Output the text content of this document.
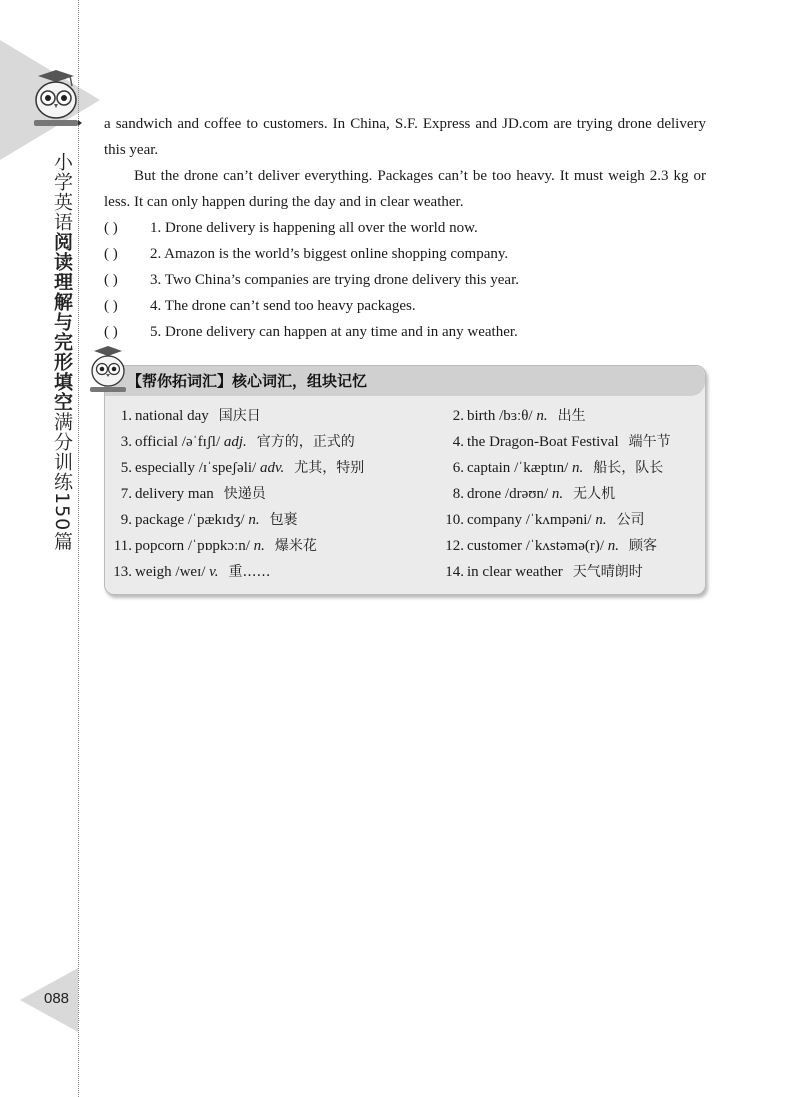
小学英语阅读理解与完形填空满分训练150篇
088
a sandwich and coffee to customers. In China, S.F. Express and JD.com are trying drone delivery this year.
But the drone can’t deliver everything. Packages can’t be too heavy. It must weigh 2.3 kg or less. It can only happen during the day and in clear weather.
( ) 1. Drone delivery is happening all over the world now.
( ) 2. Amazon is the world’s biggest online shopping company.
( ) 3. Two China’s companies are trying drone delivery this year.
( ) 4. The drone can’t send too heavy packages.
( ) 5. Drone delivery can happen at any time and in any weather.
【帮你拓词汇】核心词汇，组块记忆
1. national day 国庆日	2. birth /bɜːθ/ n. 出生
3. official /əˈfɪʃl/ adj. 官方的，正式的	4. the Dragon-Boat Festival 端午节
5. especially /ɪˈspeʃəli/ adv. 尤其，特别	6. captain /ˈkæptɪn/ n. 船长，队长
7. delivery man 快递员	8. drone /drəʊn/ n. 无人机
9. package /ˈpækɪdʒ/ n. 包裹	10. company /ˈkʌmpəni/ n. 公司
11. popcorn /ˈpɒpkɔːn/ n. 爆米花	12. customer /ˈkʌstəmə(r)/ n. 顾客
13. weigh /weɪ/ v. 重……	14. in clear weather 天气晴朗时
